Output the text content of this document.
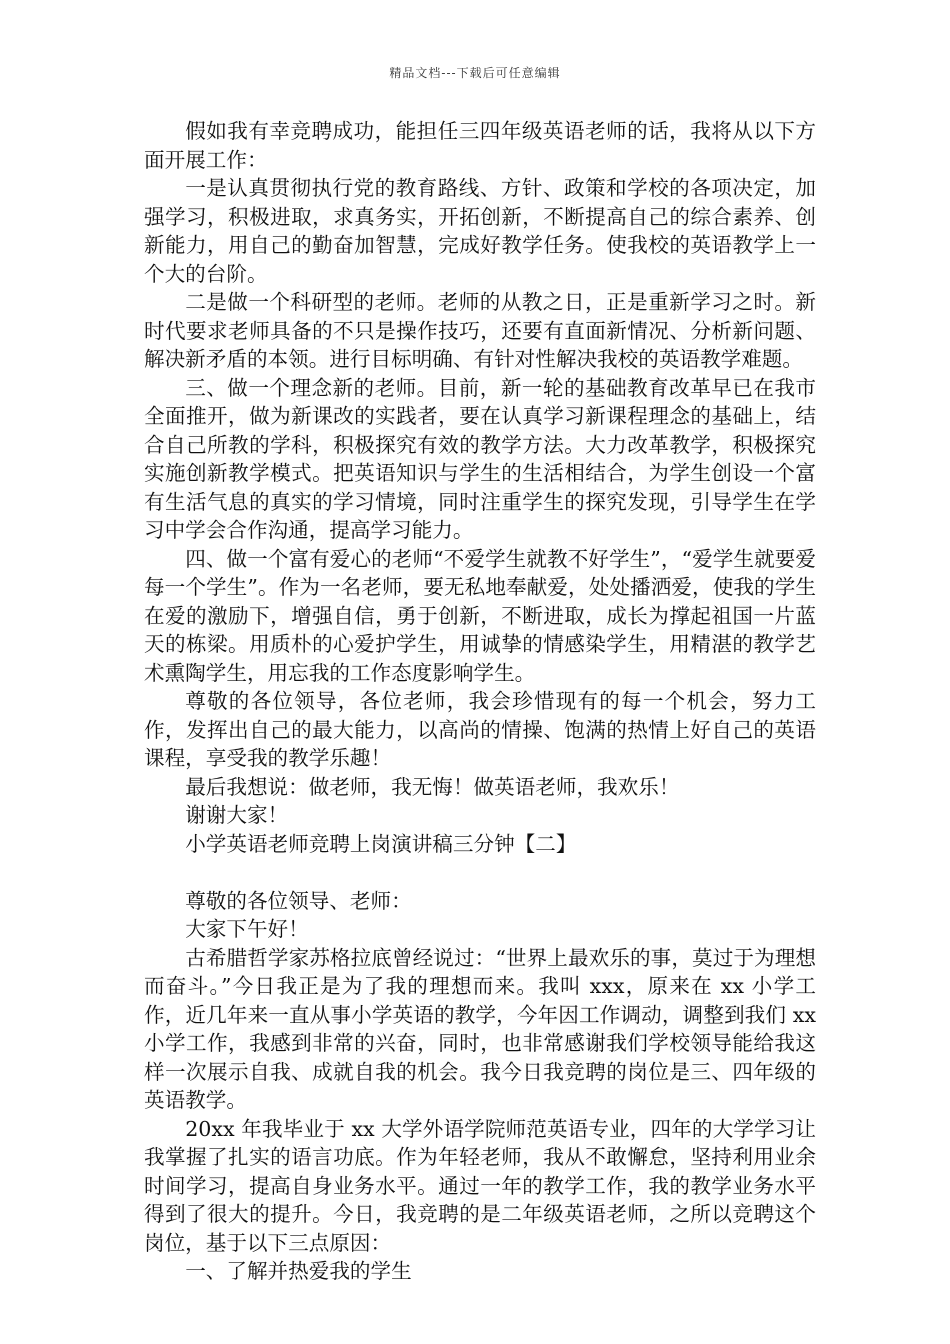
精品文档---下载后可任意编辑

假如我有幸竞聘成功，能担任三四年级英语老师的话，我将从以下方面开展工作：

一是认真贯彻执行党的教育路线、方针、政策和学校的各项决定，加强学习，积极进取，求真务实，开拓创新，不断提高自己的综合素养、创新能力，用自己的勤奋加智慧，完成好教学任务。使我校的英语教学上一个大的台阶。

二是做一个科研型的老师。老师的从教之日，正是重新学习之时。新时代要求老师具备的不只是操作技巧，还要有直面新情况、分析新问题、解决新矛盾的本领。进行目标明确、有针对性解决我校的英语教学难题。

三、做一个理念新的老师。目前，新一轮的基础教育改革早已在我市全面推开，做为新课改的实践者，要在认真学习新课程理念的基础上，结合自己所教的学科，积极探究有效的教学方法。大力改革教学，积极探究实施创新教学模式。把英语知识与学生的生活相结合，为学生创设一个富有生活气息的真实的学习情境，同时注重学生的探究发现，引导学生在学习中学会合作沟通，提高学习能力。

四、做一个富有爱心的老师“不爱学生就教不好学生”，“爱学生就要爱每一个学生”。作为一名老师，要无私地奉献爱，处处播洒爱，使我的学生在爱的激励下，增强自信，勇于创新，不断进取，成长为撑起祖国一片蓝天的栋梁。用质朴的心爱护学生，用诚挚的情感染学生，用精湛的教学艺术熏陶学生，用忘我的工作态度影响学生。

尊敬的各位领导，各位老师，我会珍惜现有的每一个机会，努力工作，发挥出自己的最大能力，以高尚的情操、饱满的热情上好自己的英语课程，享受我的教学乐趣！

最后我想说：做老师，我无悔！做英语老师，我欢乐！

谢谢大家！

小学英语老师竞聘上岗演讲稿三分钟【二】

尊敬的各位领导、老师：

大家下午好！

古希腊哲学家苏格拉底曾经说过：“世界上最欢乐的事，莫过于为理想而奋斗。”今日我正是为了我的理想而来。我叫 xxx，原来在 xx 小学工作，近几年来一直从事小学英语的教学，今年因工作调动，调整到我们 xx 小学工作，我感到非常的兴奋，同时，也非常感谢我们学校领导能给我这样一次展示自我、成就自我的机会。我今日我竞聘的岗位是三、四年级的英语教学。

20xx 年我毕业于 xx 大学外语学院师范英语专业，四年的大学学习让我掌握了扎实的语言功底。作为年轻老师，我从不敢懈怠，坚持利用业余时间学习，提高自身业务水平。通过一年的教学工作，我的教学业务水平得到了很大的提升。今日，我竞聘的是二年级英语老师，之所以竞聘这个岗位，基于以下三点原因：

一、了解并热爱我的学生
